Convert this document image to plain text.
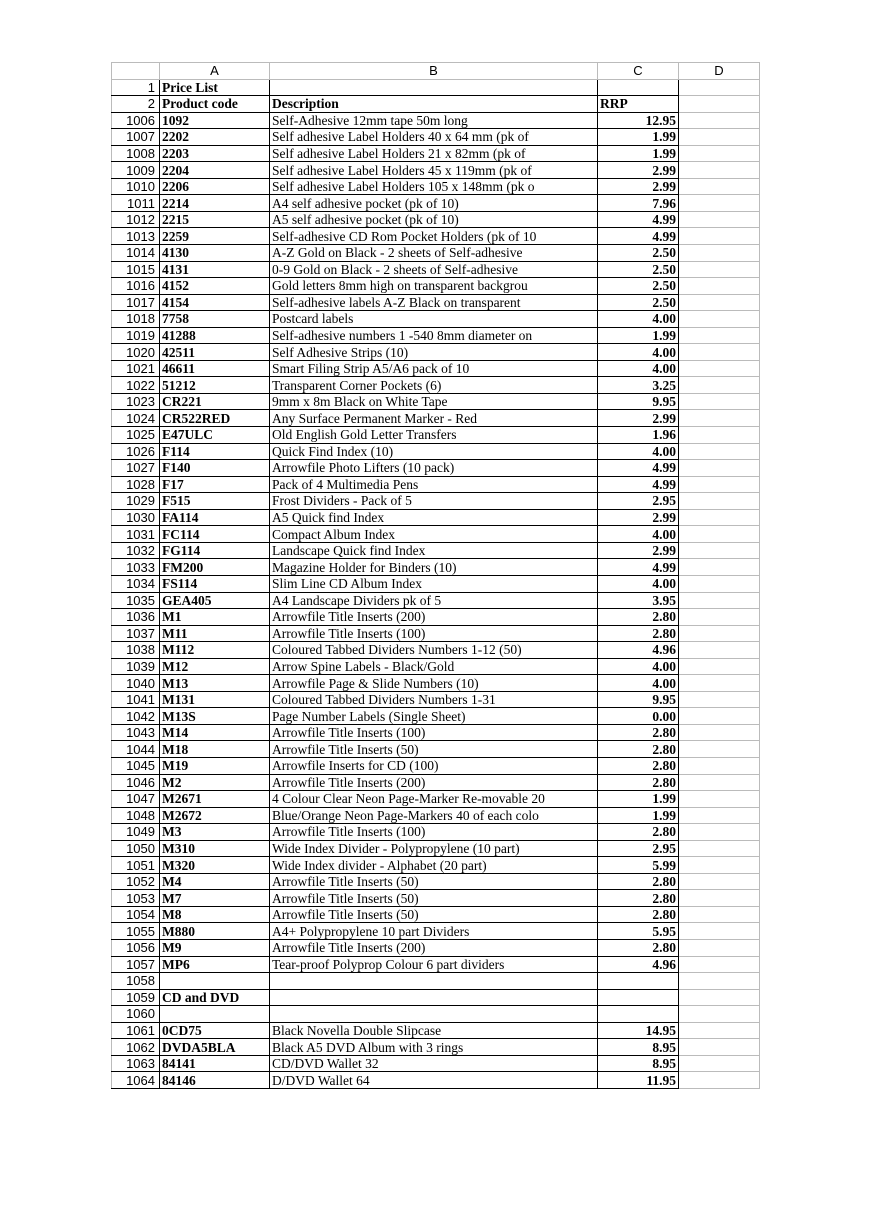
	A	B	C	D
1	Price List			
2	Product code	Description	RRP	
1006	1092	Self-Adhesive 12mm tape 50m long	12.95	
1007	2202	Self adhesive Label Holders 40 x 64 mm (pk of	1.99	
1008	2203	Self adhesive Label Holders 21 x 82mm (pk of	1.99	
1009	2204	Self adhesive Label Holders 45 x 119mm (pk of	2.99	
1010	2206	Self adhesive Label Holders 105 x 148mm (pk o	2.99	
1011	2214	A4 self adhesive pocket (pk of 10)	7.96	
1012	2215	A5 self adhesive pocket (pk of 10)	4.99	
1013	2259	Self-adhesive CD Rom Pocket Holders (pk of 10	4.99	
1014	4130	A-Z Gold on Black - 2 sheets of Self-adhesive	2.50	
1015	4131	0-9 Gold on Black - 2 sheets of Self-adhesive	2.50	
1016	4152	Gold letters 8mm high on transparent backgrou	2.50	
1017	4154	Self-adhesive labels A-Z Black on transparent	2.50	
1018	7758	Postcard labels	4.00	
1019	41288	Self-adhesive numbers 1 -540 8mm diameter on	1.99	
1020	42511	Self Adhesive Strips (10)	4.00	
1021	46611	Smart Filing Strip A5/A6 pack of 10	4.00	
1022	51212	Transparent Corner Pockets (6)	3.25	
1023	CR221	9mm x 8m Black on White Tape	9.95	
1024	CR522RED	Any Surface Permanent Marker - Red	2.99	
1025	E47ULC	Old English Gold Letter Transfers	1.96	
1026	F114	Quick Find Index (10)	4.00	
1027	F140	Arrowfile Photo Lifters (10 pack)	4.99	
1028	F17	Pack of 4 Multimedia Pens	4.99	
1029	F515	Frost Dividers - Pack of 5	2.95	
1030	FA114	A5 Quick find Index	2.99	
1031	FC114	Compact Album Index	4.00	
1032	FG114	Landscape Quick find Index	2.99	
1033	FM200	Magazine Holder for Binders (10)	4.99	
1034	FS114	Slim Line CD Album Index	4.00	
1035	GEA405	A4 Landscape Dividers pk of 5	3.95	
1036	M1	Arrowfile Title Inserts (200)	2.80	
1037	M11	Arrowfile Title Inserts (100)	2.80	
1038	M112	Coloured Tabbed Dividers Numbers 1-12 (50)	4.96	
1039	M12	Arrow Spine Labels - Black/Gold	4.00	
1040	M13	Arrowfile Page & Slide Numbers (10)	4.00	
1041	M131	Coloured Tabbed Dividers Numbers 1-31	9.95	
1042	M13S	Page Number Labels (Single Sheet)	0.00	
1043	M14	Arrowfile Title Inserts (100)	2.80	
1044	M18	Arrowfile Title Inserts (50)	2.80	
1045	M19	Arrowfile Inserts for CD (100)	2.80	
1046	M2	Arrowfile Title Inserts (200)	2.80	
1047	M2671	4 Colour Clear Neon Page-Marker Re-movable 20	1.99	
1048	M2672	Blue/Orange Neon Page-Markers 40 of each colo	1.99	
1049	M3	Arrowfile Title Inserts (100)	2.80	
1050	M310	Wide Index Divider - Polypropylene (10 part)	2.95	
1051	M320	Wide Index divider - Alphabet (20 part)	5.99	
1052	M4	Arrowfile Title Inserts (50)	2.80	
1053	M7	Arrowfile Title Inserts (50)	2.80	
1054	M8	Arrowfile Title Inserts (50)	2.80	
1055	M880	A4+ Polypropylene 10 part Dividers	5.95	
1056	M9	Arrowfile Title Inserts (200)	2.80	
1057	MP6	Tear-proof Polyprop Colour 6 part dividers	4.96	
1058				
1059	CD and DVD			
1060				
1061	0CD75	Black Novella Double Slipcase	14.95	
1062	DVDA5BLA	Black A5 DVD Album with 3 rings	8.95	
1063	84141	CD/DVD Wallet 32	8.95	
1064	84146	D/DVD Wallet 64	11.95	
